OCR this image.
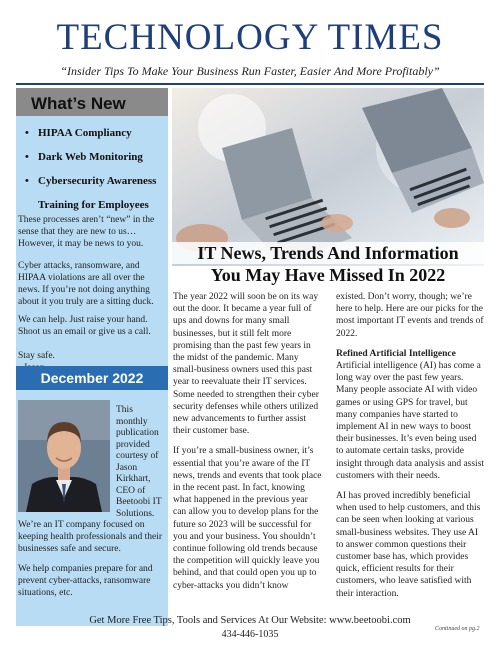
TECHNOLOGY TIMES
“Insider Tips To Make Your Business Run Faster, Easier And More Profitably”
What’s New
• HIPAA Compliancy
• Dark Web Monitoring
• Cybersecurity Awareness
Training for Employees
These processes aren’t “new” in the sense that they are new to us… However, it may be news to you.
Cyber attacks, ransomware, and HIPAA violations are all over the news. If you’re not doing anything about it you truly are a sitting duck.
We can help. Just raise your hand.
Shoot us an email or give us a call.
Stay safe.
December 2022
This monthly publication provided courtesy of Jason Kirkhart, CEO of Beetoobi IT Solutions.
We’re an IT company focused on keeping health professionals and their businesses safe and secure.
We help companies prepare for and prevent cyber-attacks, ransomware situations, etc.
IT News, Trends And Information
You May Have Missed In 2022

The year 2022 will soon be on its way out the door. It became a year full of ups and downs for many small businesses, but it still felt more promising than the past few years in the midst of the pandemic. Many small-business owners used this past year to reevaluate their IT services. Some needed to strengthen their cyber security defenses while others utilized new advancements to further assist their customer base.

If you’re a small-business owner, it’s essential that you’re aware of the IT news, trends and events that took place in the recent past. In fact, knowing what happened in the previous year can allow you to develop plans for the future so 2023 will be successful for you and your business. You shouldn’t continue following old trends because the competition will quickly leave you behind, and that could open you up to cyber-attacks you didn’t know

existed. Don’t worry, though; we’re here to help. Here are our picks for the most important IT events and trends of 2022.

Refined Artificial Intelligence

Artificial intelligence (AI) has come a long way over the past few years. Many people associate AI with video games or using GPS for travel, but many companies have started to implement AI in new ways to boost their businesses. It’s even being used to automate certain tasks, provide insight through data analysis and assist customers with their needs.

AI has proved incredibly beneficial when used to help customers, and this can be seen when looking at various small-business websites. They use AI to answer common questions their customer base has, which provides quick, efficient results for their customers, who leave satisfied with their interaction.

Continued on pg.2
Get More Free Tips, Tools and Services At Our Website: www.beetoobi.com
434-446-1035
